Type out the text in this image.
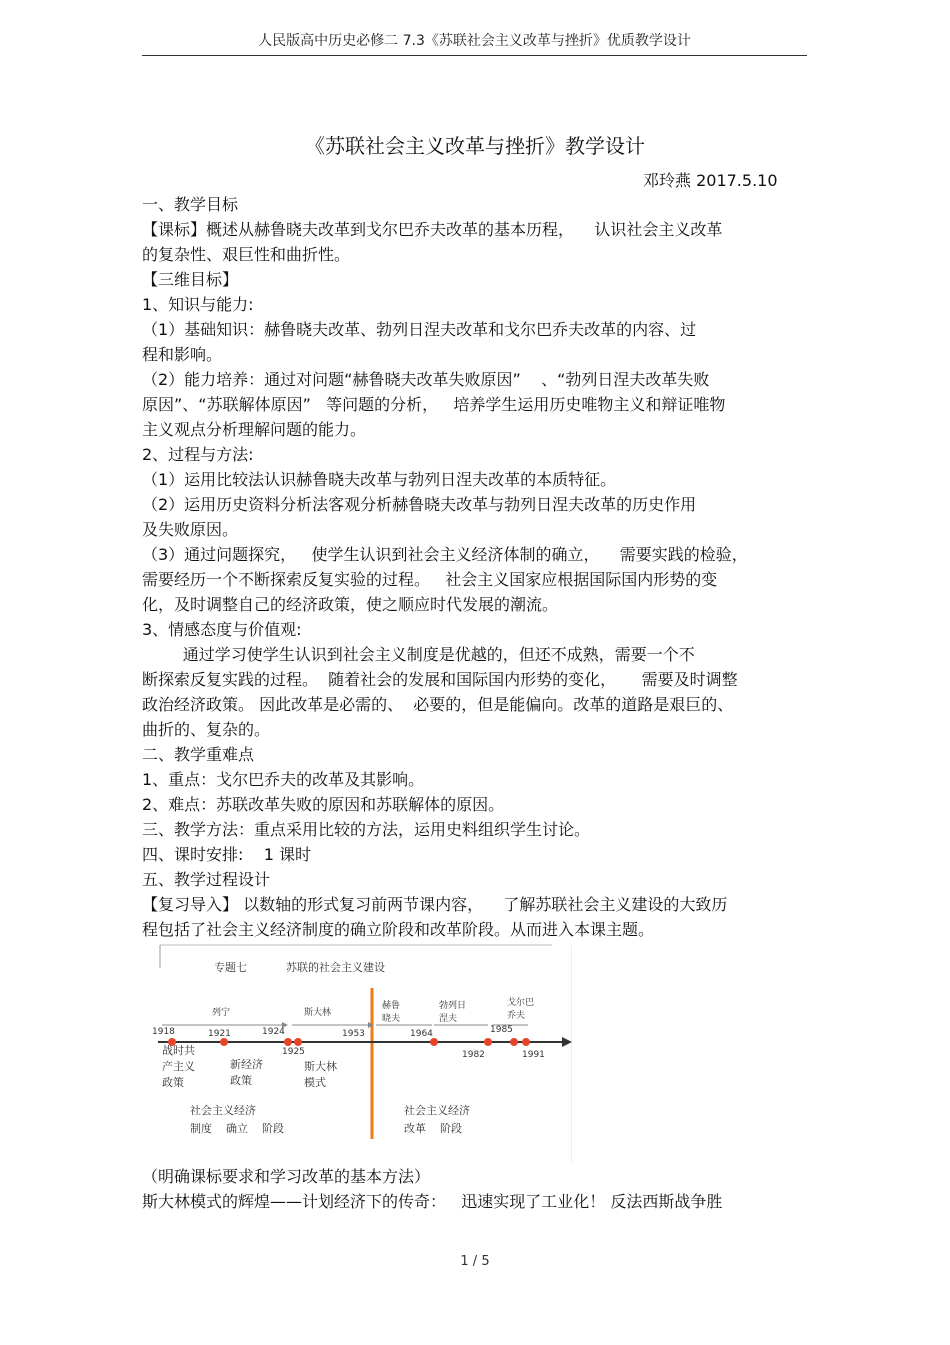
人民版高中历史必修二 7.3《苏联社会主义改革与挫折》优质教学设计
《苏联社会主义改革与挫折》教学设计
邓玲燕 2017.5.10
一、教学目标
【课标】概述从赫鲁晓夫改革到戈尔巴乔夫改革的基本历程，    认识社会主义改革
的复杂性、艰巨性和曲折性。
【三维目标】
1、知识与能力:
（1）基础知识：赫鲁晓夫改革、勃列日涅夫改革和戈尔巴乔夫改革的内容、过
程和影响。
（2）能力培养：通过对问题“赫鲁晓夫改革失败原因”    、“勃列日涅夫改革失败
原因”、“苏联解体原因”   等问题的分析，   培养学生运用历史唯物主义和辩证唯物
主义观点分析理解问题的能力。
2、过程与方法:
（1）运用比较法认识赫鲁晓夫改革与勃列日涅夫改革的本质特征。
（2）运用历史资料分析法客观分析赫鲁晓夫改革与勃列日涅夫改革的历史作用
及失败原因。
（3）通过问题探究，   使学生认识到社会主义经济体制的确立，    需要实践的检验，
需要经历一个不断探索反复实验的过程。   社会主义国家应根据国际国内形势的变
化，及时调整自己的经济政策，使之顺应时代发展的潮流。
3、情感态度与价值观:
通过学习使学生认识到社会主义制度是优越的，但还不成熟，需要一个不
断探索反复实践的过程。  随着社会的发展和国际国内形势的变化，     需要及时调整
政治经济政策。 因此改革是必需的、  必要的，但是能偏向。改革的道路是艰巨的、
曲折的、复杂的。
二、教学重难点
1、重点：戈尔巴乔夫的改革及其影响。
2、难点：苏联改革失败的原因和苏联解体的原因。
三、教学方法：重点采用比较的方法，运用史料组织学生讨论。
四、课时安排:    1 课时
五、教学过程设计
【复习导入】 以数轴的形式复习前两节课内容，    了解苏联社会主义建设的大致历
程包括了社会主义经济制度的确立阶段和改革阶段。从而进入本课主题。
专题七	苏联的社会主义建设
列宁	斯大林
赫鲁
晓夫
勃列日
涅夫
戈尔巴
乔夫
1918	1921	1924
1925
1953	1964
1982
1985
1991
战时共
产主义
政策
新经济
政策
斯大林
模式
社会主义经济
制度    确立    阶段
社会主义经济
改革    阶段
（明确课标要求和学习改革的基本方法）
斯大林模式的辉煌——计划经济下的传奇：   迅速实现了工业化！ 反法西斯战争胜
1 / 5
